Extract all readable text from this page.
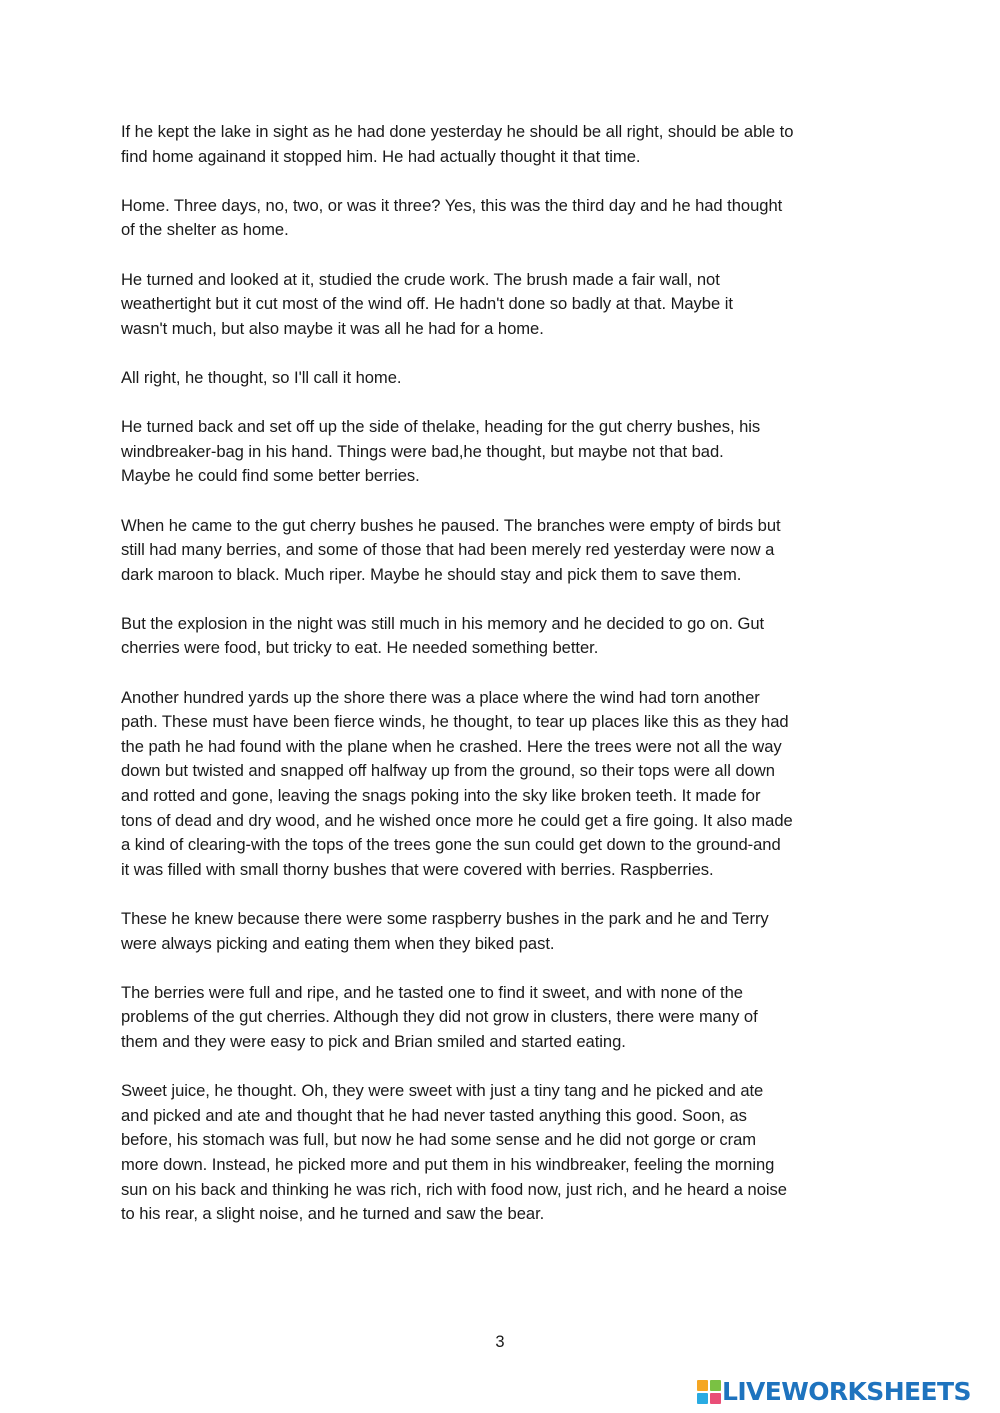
If he kept the lake in sight as he had done yesterday he should be all right, should be able to
find home againand it stopped him. He had actually thought it that time.

Home. Three days, no, two, or was it three? Yes, this was the third day and he had thought
of the shelter as home.

He turned and looked at it, studied the crude work. The brush made a fair wall, not
weathertight but it cut most of the wind off. He hadn't done so badly at that. Maybe it
wasn't much, but also maybe it was all he had for a home.

All right, he thought, so I'll call it home.

He turned back and set off up the side of thelake, heading for the gut cherry bushes, his
windbreaker-bag in his hand. Things were bad,he thought, but maybe not that bad.
Maybe he could find some better berries.

When he came to the gut cherry bushes he paused. The branches were empty of birds but
still had many berries, and some of those that had been merely red yesterday were now a
dark maroon to black. Much riper. Maybe he should stay and pick them to save them.

But the explosion in the night was still much in his memory and he decided to go on. Gut
cherries were food, but tricky to eat. He needed something better.

Another hundred yards up the shore there was a place where the wind had torn another
path. These must have been fierce winds, he thought, to tear up places like this as they had
the path he had found with the plane when he crashed. Here the trees were not all the way
down but twisted and snapped off halfway up from the ground, so their tops were all down
and rotted and gone, leaving the snags poking into the sky like broken teeth. It made for
tons of dead and dry wood, and he wished once more he could get a fire going. It also made
a kind of clearing-with the tops of the trees gone the sun could get down to the ground-and
it was filled with small thorny bushes that were covered with berries. Raspberries.

These he knew because there were some raspberry bushes in the park and he and Terry
were always picking and eating them when they biked past.

The berries were full and ripe, and he tasted one to find it sweet, and with none of the
problems of the gut cherries. Although they did not grow in clusters, there were many of
them and they were easy to pick and Brian smiled and started eating.

Sweet juice, he thought. Oh, they were sweet with just a tiny tang and he picked and ate
and picked and ate and thought that he had never tasted anything this good. Soon, as
before, his stomach was full, but now he had some sense and he did not gorge or cram
more down. Instead, he picked more and put them in his windbreaker, feeling the morning
sun on his back and thinking he was rich, rich with food now, just rich, and he heard a noise
to his rear, a slight noise, and he turned and saw the bear.

3
LIVEWORKSHEETS
